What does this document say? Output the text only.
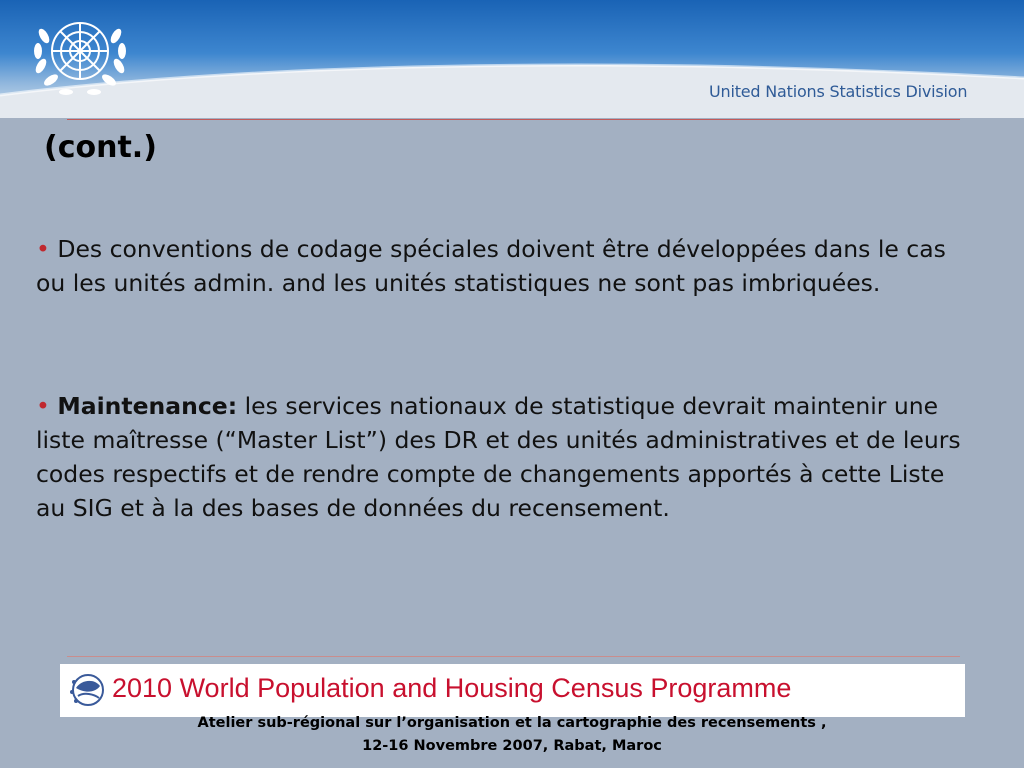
United Nations Statistics Division
(cont.)
• Des conventions de codage spéciales doivent être développées dans le cas ou les unités admin. and les unités statistiques ne sont pas imbriquées.
• Maintenance: les services nationaux de statistique devrait maintenir une liste maîtresse (“Master List”) des DR et des unités administratives et de leurs codes respectifs et de rendre compte de changements apportés à cette Liste au SIG et à la des bases de données du recensement.
2010 World Population and Housing Census Programme
Atelier sub-régional sur l’organisation et la cartographie des recensements ,
12-16 Novembre 2007, Rabat, Maroc
